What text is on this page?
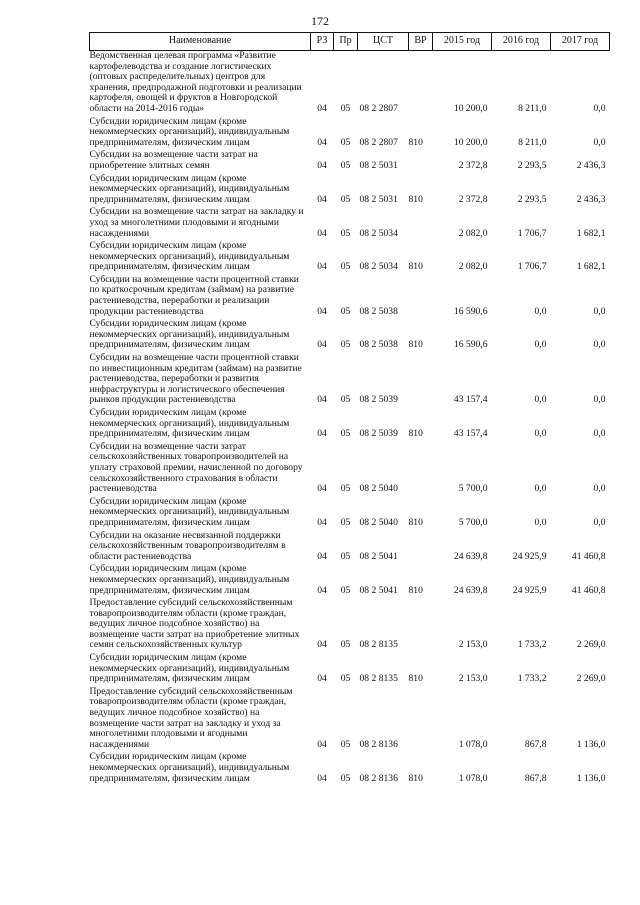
172
Наименование	РЗ	Пр	ЦСТ	ВР	2015 год	2016 год	2017 год
Ведомственная целевая программа «Развитие картофелеводства и создание логистических (оптовых распределительных) центров для хранения, предпродажной подготовки и реализации картофеля, овощей и фруктов в Новгородской области на 2014-2016 годы»	04	05	08 2 2807		10 200,0	8 211,0	0,0
Субсидии юридическим лицам (кроме некоммерческих организаций), индивидуальным предпринимателям, физическим лицам	04	05	08 2 2807	810	10 200,0	8 211,0	0,0
Субсидии на возмещение части затрат на приобретение элитных семян	04	05	08 2 5031		2 372,8	2 293,5	2 436,3
Субсидии юридическим лицам (кроме некоммерческих организаций), индивидуальным предпринимателям, физическим лицам	04	05	08 2 5031	810	2 372,8	2 293,5	2 436,3
Субсидии на возмещение части затрат на закладку и уход за многолетними плодовыми и ягодными насаждениями	04	05	08 2 5034		2 082,0	1 706,7	1 682,1
Субсидии юридическим лицам (кроме некоммерческих организаций), индивидуальным предпринимателям, физическим лицам	04	05	08 2 5034	810	2 082,0	1 706,7	1 682,1
Субсидии на возмещение части процентной ставки по краткосрочным кредитам (займам) на развитие растениеводства, переработки и реализации продукции растениеводства	04	05	08 2 5038		16 590,6	0,0	0,0
Субсидии юридическим лицам (кроме некоммерческих организаций), индивидуальным предпринимателям, физическим лицам	04	05	08 2 5038	810	16 590,6	0,0	0,0
Субсидии на возмещение части процентной ставки по инвестиционным кредитам (займам) на развитие растениеводства, переработки и развития инфраструктуры и логистического обеспечения рынков продукции растениеводства	04	05	08 2 5039		43 157,4	0,0	0,0
Субсидии юридическим лицам (кроме некоммерческих организаций), индивидуальным предпринимателям, физическим лицам	04	05	08 2 5039	810	43 157,4	0,0	0,0
Субсидии на возмещение части затрат сельскохозяйственных товаропроизводителей на уплату страховой премии, начисленной по договору сельскохозяйственного страхования в области растениеводства	04	05	08 2 5040		5 700,0	0,0	0,0
Субсидии юридическим лицам (кроме некоммерческих организаций), индивидуальным предпринимателям, физическим лицам	04	05	08 2 5040	810	5 700,0	0,0	0,0
Субсидии на оказание несвязанной поддержки сельскохозяйственным товаропроизводителям в области растениеводства	04	05	08 2 5041		24 639,8	24 925,9	41 460,8
Субсидии юридическим лицам (кроме некоммерческих организаций), индивидуальным предпринимателям, физическим лицам	04	05	08 2 5041	810	24 639,8	24 925,9	41 460,8
Предоставление субсидий сельскохозяйственным товаропроизводителям области (кроме граждан, ведущих личное подсобное хозяйство) на возмещение части затрат на приобретение элитных семян сельскохозяйственных культур	04	05	08 2 8135		2 153,0	1 733,2	2 269,0
Субсидии юридическим лицам (кроме некоммерческих организаций), индивидуальным предпринимателям, физическим лицам	04	05	08 2 8135	810	2 153,0	1 733,2	2 269,0
Предоставление субсидий сельскохозяйственным товаропроизводителям области (кроме граждан, ведущих личное подсобное хозяйство) на возмещение части затрат на закладку и уход за многолетними плодовыми и ягодными насаждениями	04	05	08 2 8136		1 078,0	867,8	1 136,0
Субсидии юридическим лицам (кроме некоммерческих организаций), индивидуальным предпринимателям, физическим лицам	04	05	08 2 8136	810	1 078,0	867,8	1 136,0
